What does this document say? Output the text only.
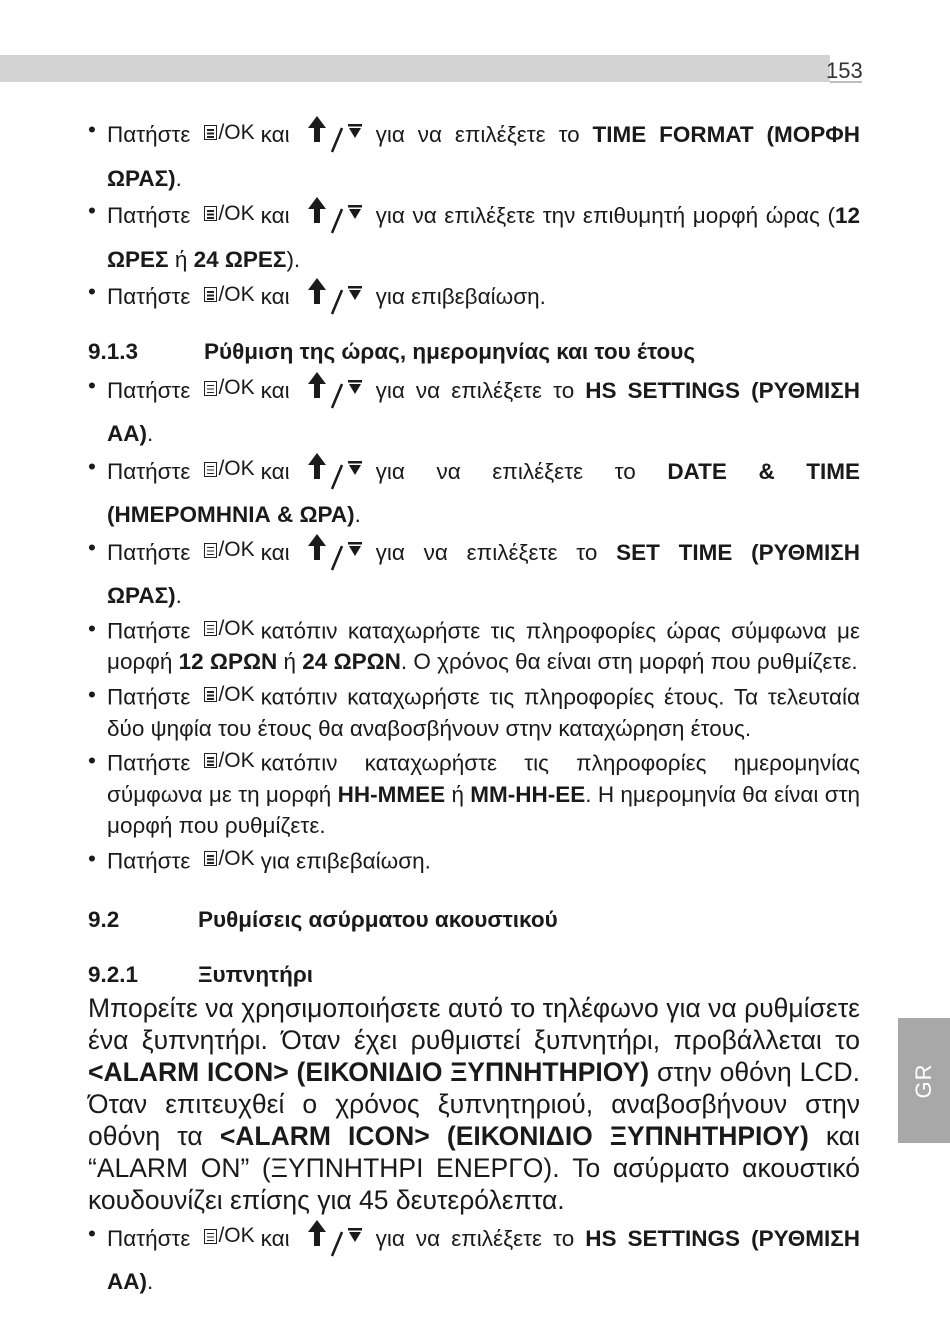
153
GR

• Πατήστε /OK και	για να επιλέξετε το TIME FORMAT (ΜΟΡΦΗ ΩΡΑΣ).

• Πατήστε /OK και	για να επιλέξετε την επιθυμητή μορφή ώρας (12 ΩΡΕΣ ή 24 ΩΡΕΣ).

• Πατήστε /OK και	για επιβεβαίωση.

9.1.3	Ρύθμιση της ώρας, ημερομηνίας και του έτους

• Πατήστε /OK και	για να επιλέξετε το HS SETTINGS (ΡΥΘΜΙΣΗ ΑΑ).

• Πατήστε /OK και	για να επιλέξετε το DATE & TIME (ΗΜΕΡΟΜΗΝΙΑ & ΩΡΑ).

• Πατήστε /OK και	για να επιλέξετε το SET TIME (ΡΥΘΜΙΣΗ ΩΡΑΣ).

• Πατήστε /OK κατόπιν καταχωρήστε τις πληροφορίες ώρας σύμφωνα με μορφή 12 ΩΡΩΝ ή 24 ΩΡΩΝ. Ο χρόνος θα είναι στη μορφή που ρυθμίζετε.

• Πατήστε /OK κατόπιν καταχωρήστε τις πληροφορίες έτους. Τα τελευταία δύο ψηφία του έτους θα αναβοσβήνουν στην καταχώρηση έτους.

• Πατήστε /OK κατόπιν καταχωρήστε τις πληροφορίες ημερομηνίας σύμφωνα με τη μορφή ΗΗ-ΜΜΕΕ ή ΜΜ-ΗΗ-ΕΕ. Η ημερομηνία θα είναι στη μορφή που ρυθμίζετε.

• Πατήστε /OK για επιβεβαίωση.

9.2	Ρυθμίσεις ασύρματου ακουστικού
9.2.1	Ξυπνητήρι

Μπορείτε να χρησιμοποιήσετε αυτό το τηλέφωνο για να ρυθμίσετε ένα ξυπνητήρι. Όταν έχει ρυθμιστεί ξυπνητήρι, προβάλλεται το <ALARM ICON> (ΕΙΚΟΝΙΔΙΟ ΞΥΠΝΗΤΗΡΙΟΥ) στην οθόνη LCD. Όταν επιτευχθεί ο χρόνος ξυπνητηριού, αναβοσβήνουν στην οθόνη τα <ALARM ICON> (ΕΙΚΟΝΙΔΙΟ ΞΥΠΝΗΤΗΡΙΟΥ) και “ALARM ON” (ΞΥΠΝΗΤΗΡΙ ΕΝΕΡΓΟ). Το ασύρματο ακουστικό κουδουνίζει επίσης για 45 δευτερόλεπτα.

• Πατήστε /OK και	για να επιλέξετε το HS SETTINGS (ΡΥΘΜΙΣΗ ΑΑ).
